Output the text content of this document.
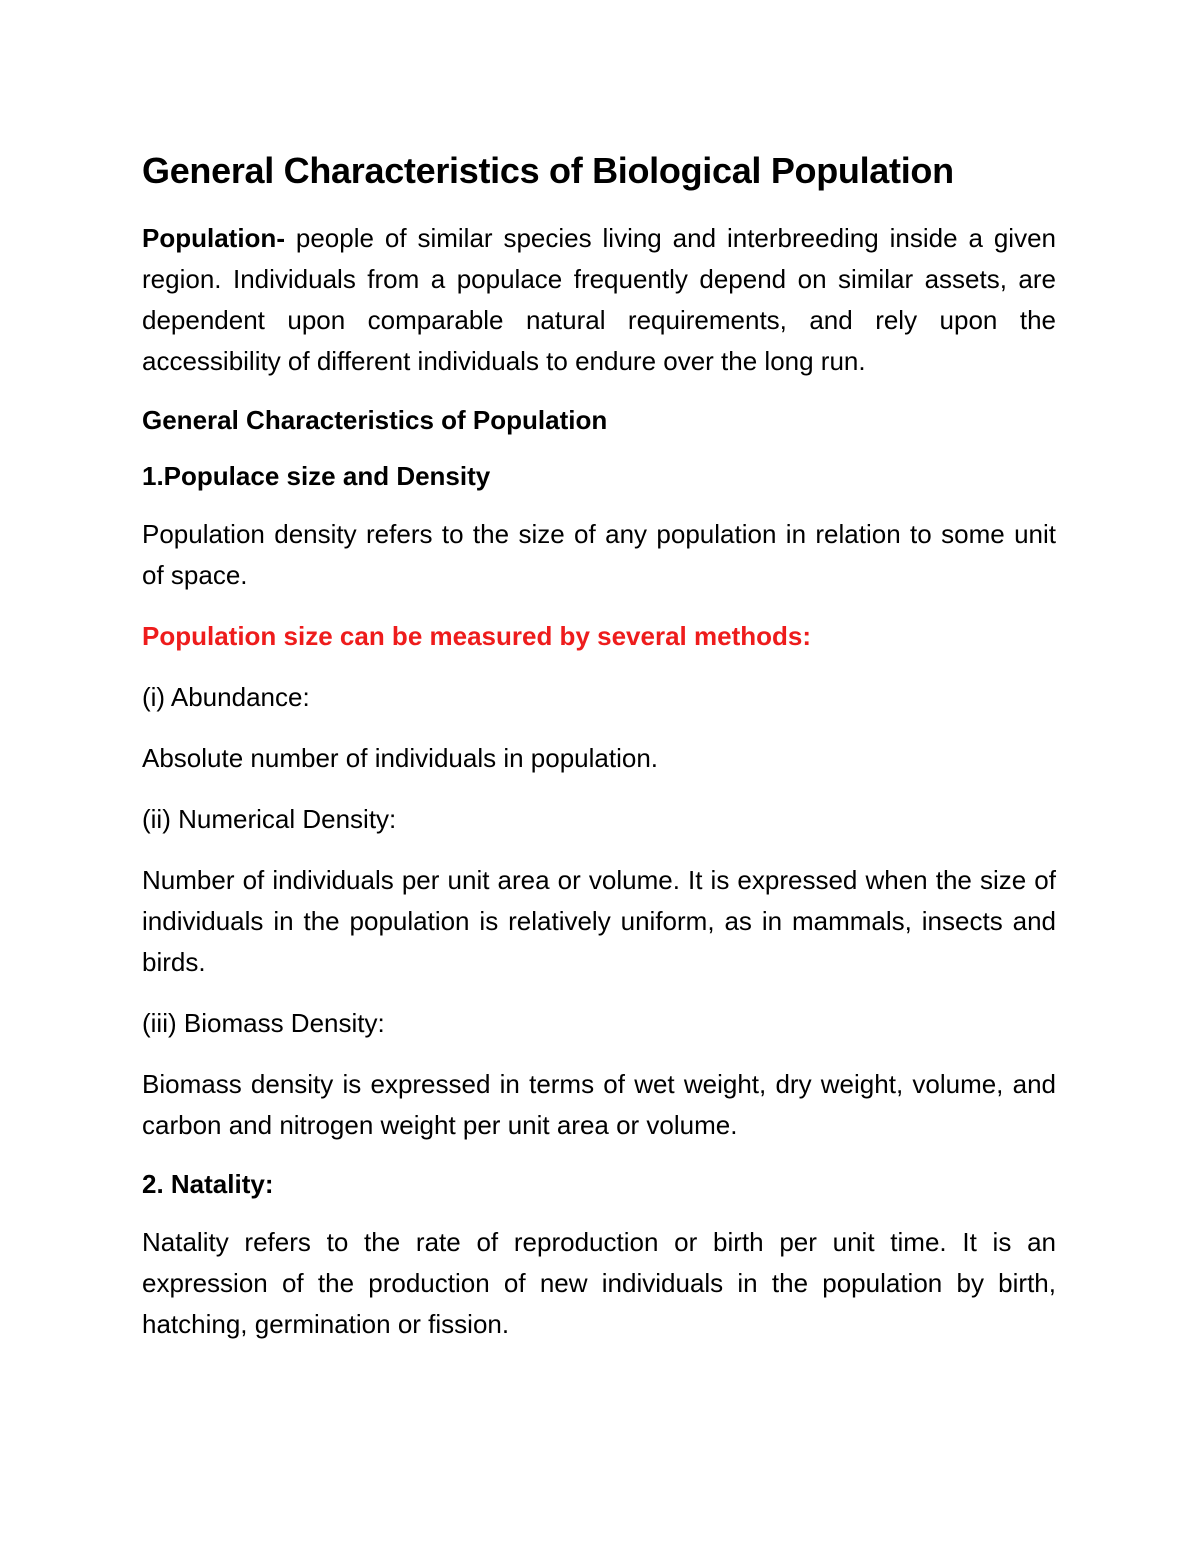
General Characteristics of Biological Population

Population- people of similar species living and interbreeding inside a given region. Individuals from a populace frequently depend on similar assets, are dependent upon comparable natural requirements, and rely upon the accessibility of different individuals to endure over the long run.

General Characteristics of Population
1.Populace size and Density

Population density refers to the size of any population in relation to some unit of space.

Population size can be measured by several methods:

(i) Abundance:

Absolute number of individuals in population.

(ii) Numerical Density:

Number of individuals per unit area or volume. It is expressed when the size of individuals in the population is relatively uniform, as in mammals, insects and birds.

(iii) Biomass Density:

Biomass density is expressed in terms of wet weight, dry weight, volume, and carbon and nitrogen weight per unit area or volume.

2. Natality:

Natality refers to the rate of reproduction or birth per unit time. It is an expression of the production of new individuals in the population by birth, hatching, germination or fission.
